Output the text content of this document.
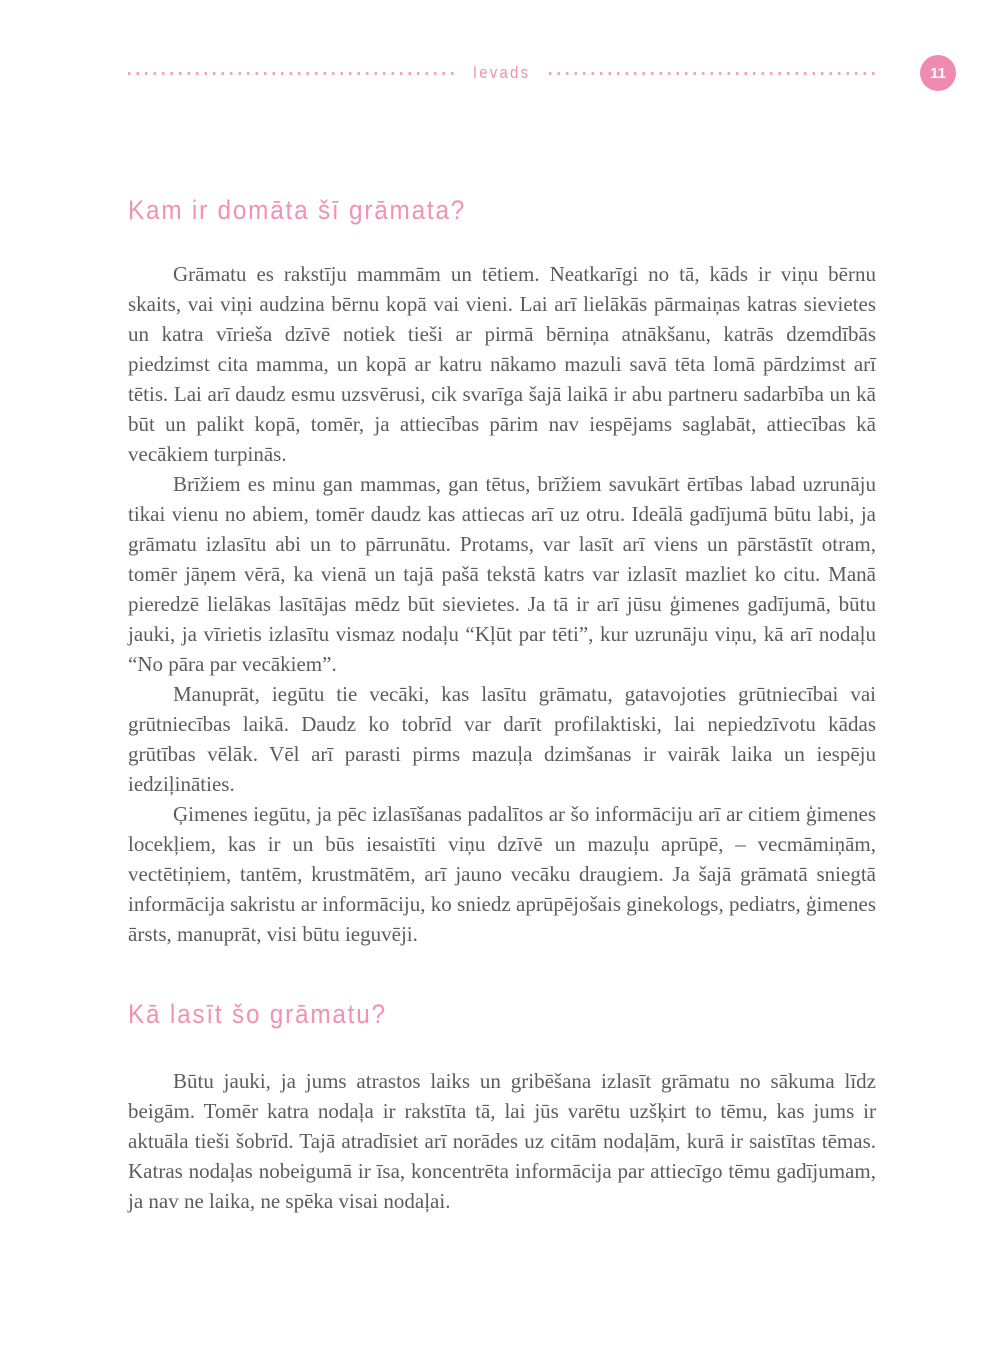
Ievads	11
Kam ir domāta šī grāmata?

Grāmatu es rakstīju mammām un tētiem. Neatkarīgi no tā, kāds ir viņu bērnu skaits, vai viņi audzina bērnu kopā vai vieni. Lai arī lielākās pārmaiņas katras sievietes un katra vīrieša dzīvē notiek tieši ar pirmā bērniņa atnākšanu, katrās dzemdībās piedzimst cita mamma, un kopā ar katru nākamo mazuli savā tēta lomā pārdzimst arī tētis. Lai arī daudz esmu uzsvērusi, cik svarīga šajā laikā ir abu partneru sadarbība un kā būt un palikt kopā, tomēr, ja attiecības pārim nav iespējams saglabāt, attiecības kā vecākiem turpinās.

Brīžiem es minu gan mammas, gan tētus, brīžiem savukārt ērtības labad uzrunāju tikai vienu no abiem, tomēr daudz kas attiecas arī uz otru. Ideālā gadījumā būtu labi, ja grāmatu izlasītu abi un to pārrunātu. Protams, var lasīt arī viens un pārstāstīt otram, tomēr jāņem vērā, ka vienā un tajā pašā tekstā katrs var izlasīt mazliet ko citu. Manā pieredzē lielākas lasītājas mēdz būt sievietes. Ja tā ir arī jūsu ģimenes gadījumā, būtu jauki, ja vīrietis izlasītu vismaz nodaļu “Kļūt par tēti”, kur uzrunāju viņu, kā arī nodaļu “No pāra par vecākiem”.

Manuprāt, iegūtu tie vecāki, kas lasītu grāmatu, gatavojoties grūtniecībai vai grūtniecības laikā. Daudz ko tobrīd var darīt profilaktiski, lai nepiedzīvotu kādas grūtības vēlāk. Vēl arī parasti pirms mazuļa dzimšanas ir vairāk laika un iespēju iedziļināties.

Ģimenes iegūtu, ja pēc izlasīšanas padalītos ar šo informāciju arī ar citiem ģimenes locekļiem, kas ir un būs iesaistīti viņu dzīvē un mazuļu aprūpē, – vecmāmiņām, vectētiņiem, tantēm, krustmātēm, arī jauno vecāku draugiem. Ja šajā grāmatā sniegtā informācija sakristu ar informāciju, ko sniedz aprūpējošais ginekologs, pediatrs, ģimenes ārsts, manuprāt, visi būtu ieguvēji.

Kā lasīt šo grāmatu?

Būtu jauki, ja jums atrastos laiks un gribēšana izlasīt grāmatu no sākuma līdz beigām. Tomēr katra nodaļa ir rakstīta tā, lai jūs varētu uzšķirt to tēmu, kas jums ir aktuāla tieši šobrīd. Tajā atradīsiet arī norādes uz citām nodaļām, kurā ir saistītas tēmas. Katras nodaļas nobeigumā ir īsa, koncentrēta informācija par attiecīgo tēmu gadījumam, ja nav ne laika, ne spēka visai nodaļai.
